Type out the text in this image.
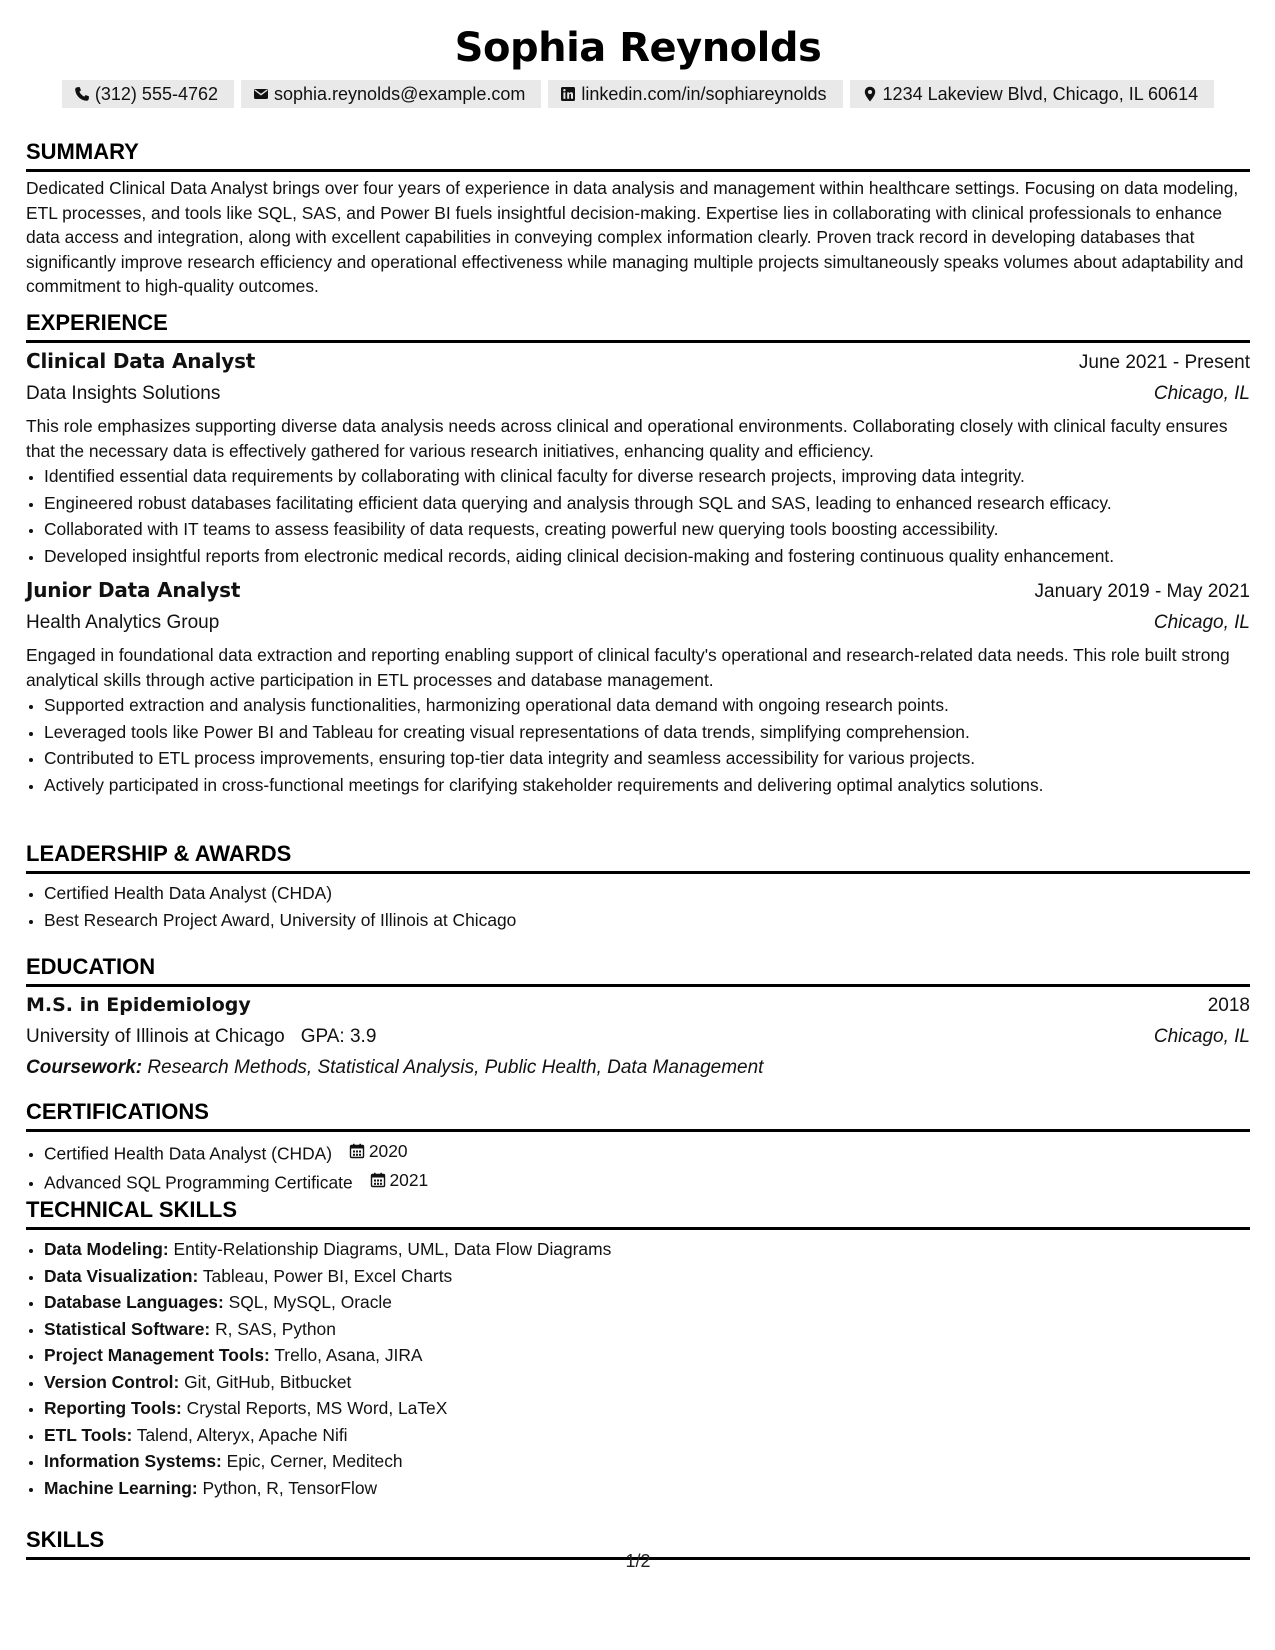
Sophia Reynolds
(312) 555-4762	sophia.reynolds@example.com	linkedin.com/in/sophiareynolds	1234 Lakeview Blvd, Chicago, IL 60614
SUMMARY
Dedicated Clinical Data Analyst brings over four years of experience in data analysis and management within healthcare settings. Focusing on data modeling, ETL processes, and tools like SQL, SAS, and Power BI fuels insightful decision-making. Expertise lies in collaborating with clinical professionals to enhance data access and integration, along with excellent capabilities in conveying complex information clearly. Proven track record in developing databases that significantly improve research efficiency and operational effectiveness while managing multiple projects simultaneously speaks volumes about adaptability and commitment to high-quality outcomes.
EXPERIENCE
Clinical Data Analyst	June 2021 - Present
Data Insights Solutions	Chicago, IL
This role emphasizes supporting diverse data analysis needs across clinical and operational environments. Collaborating closely with clinical faculty ensures that the necessary data is effectively gathered for various research initiatives, enhancing quality and efficiency.
• Identified essential data requirements by collaborating with clinical faculty for diverse research projects, improving data integrity.
• Engineered robust databases facilitating efficient data querying and analysis through SQL and SAS, leading to enhanced research efficacy.
• Collaborated with IT teams to assess feasibility of data requests, creating powerful new querying tools boosting accessibility.
• Developed insightful reports from electronic medical records, aiding clinical decision-making and fostering continuous quality enhancement.
Junior Data Analyst	January 2019 - May 2021
Health Analytics Group	Chicago, IL
Engaged in foundational data extraction and reporting enabling support of clinical faculty's operational and research-related data needs. This role built strong analytical skills through active participation in ETL processes and database management.
• Supported extraction and analysis functionalities, harmonizing operational data demand with ongoing research points.
• Leveraged tools like Power BI and Tableau for creating visual representations of data trends, simplifying comprehension.
• Contributed to ETL process improvements, ensuring top-tier data integrity and seamless accessibility for various projects.
• Actively participated in cross-functional meetings for clarifying stakeholder requirements and delivering optimal analytics solutions.
LEADERSHIP & AWARDS
• Certified Health Data Analyst (CHDA)
• Best Research Project Award, University of Illinois at Chicago
EDUCATION
M.S. in Epidemiology	2018
University of Illinois at Chicago GPA: 3.9	Chicago, IL
Coursework: Research Methods, Statistical Analysis, Public Health, Data Management
CERTIFICATIONS
• Certified Health Data Analyst (CHDA) 2020
• Advanced SQL Programming Certificate 2021
TECHNICAL SKILLS
• Data Modeling: Entity-Relationship Diagrams, UML, Data Flow Diagrams
• Data Visualization: Tableau, Power BI, Excel Charts
• Database Languages: SQL, MySQL, Oracle
• Statistical Software: R, SAS, Python
• Project Management Tools: Trello, Asana, JIRA
• Version Control: Git, GitHub, Bitbucket
• Reporting Tools: Crystal Reports, MS Word, LaTeX
• ETL Tools: Talend, Alteryx, Apache Nifi
• Information Systems: Epic, Cerner, Meditech
• Machine Learning: Python, R, TensorFlow
SKILLS
1/2
